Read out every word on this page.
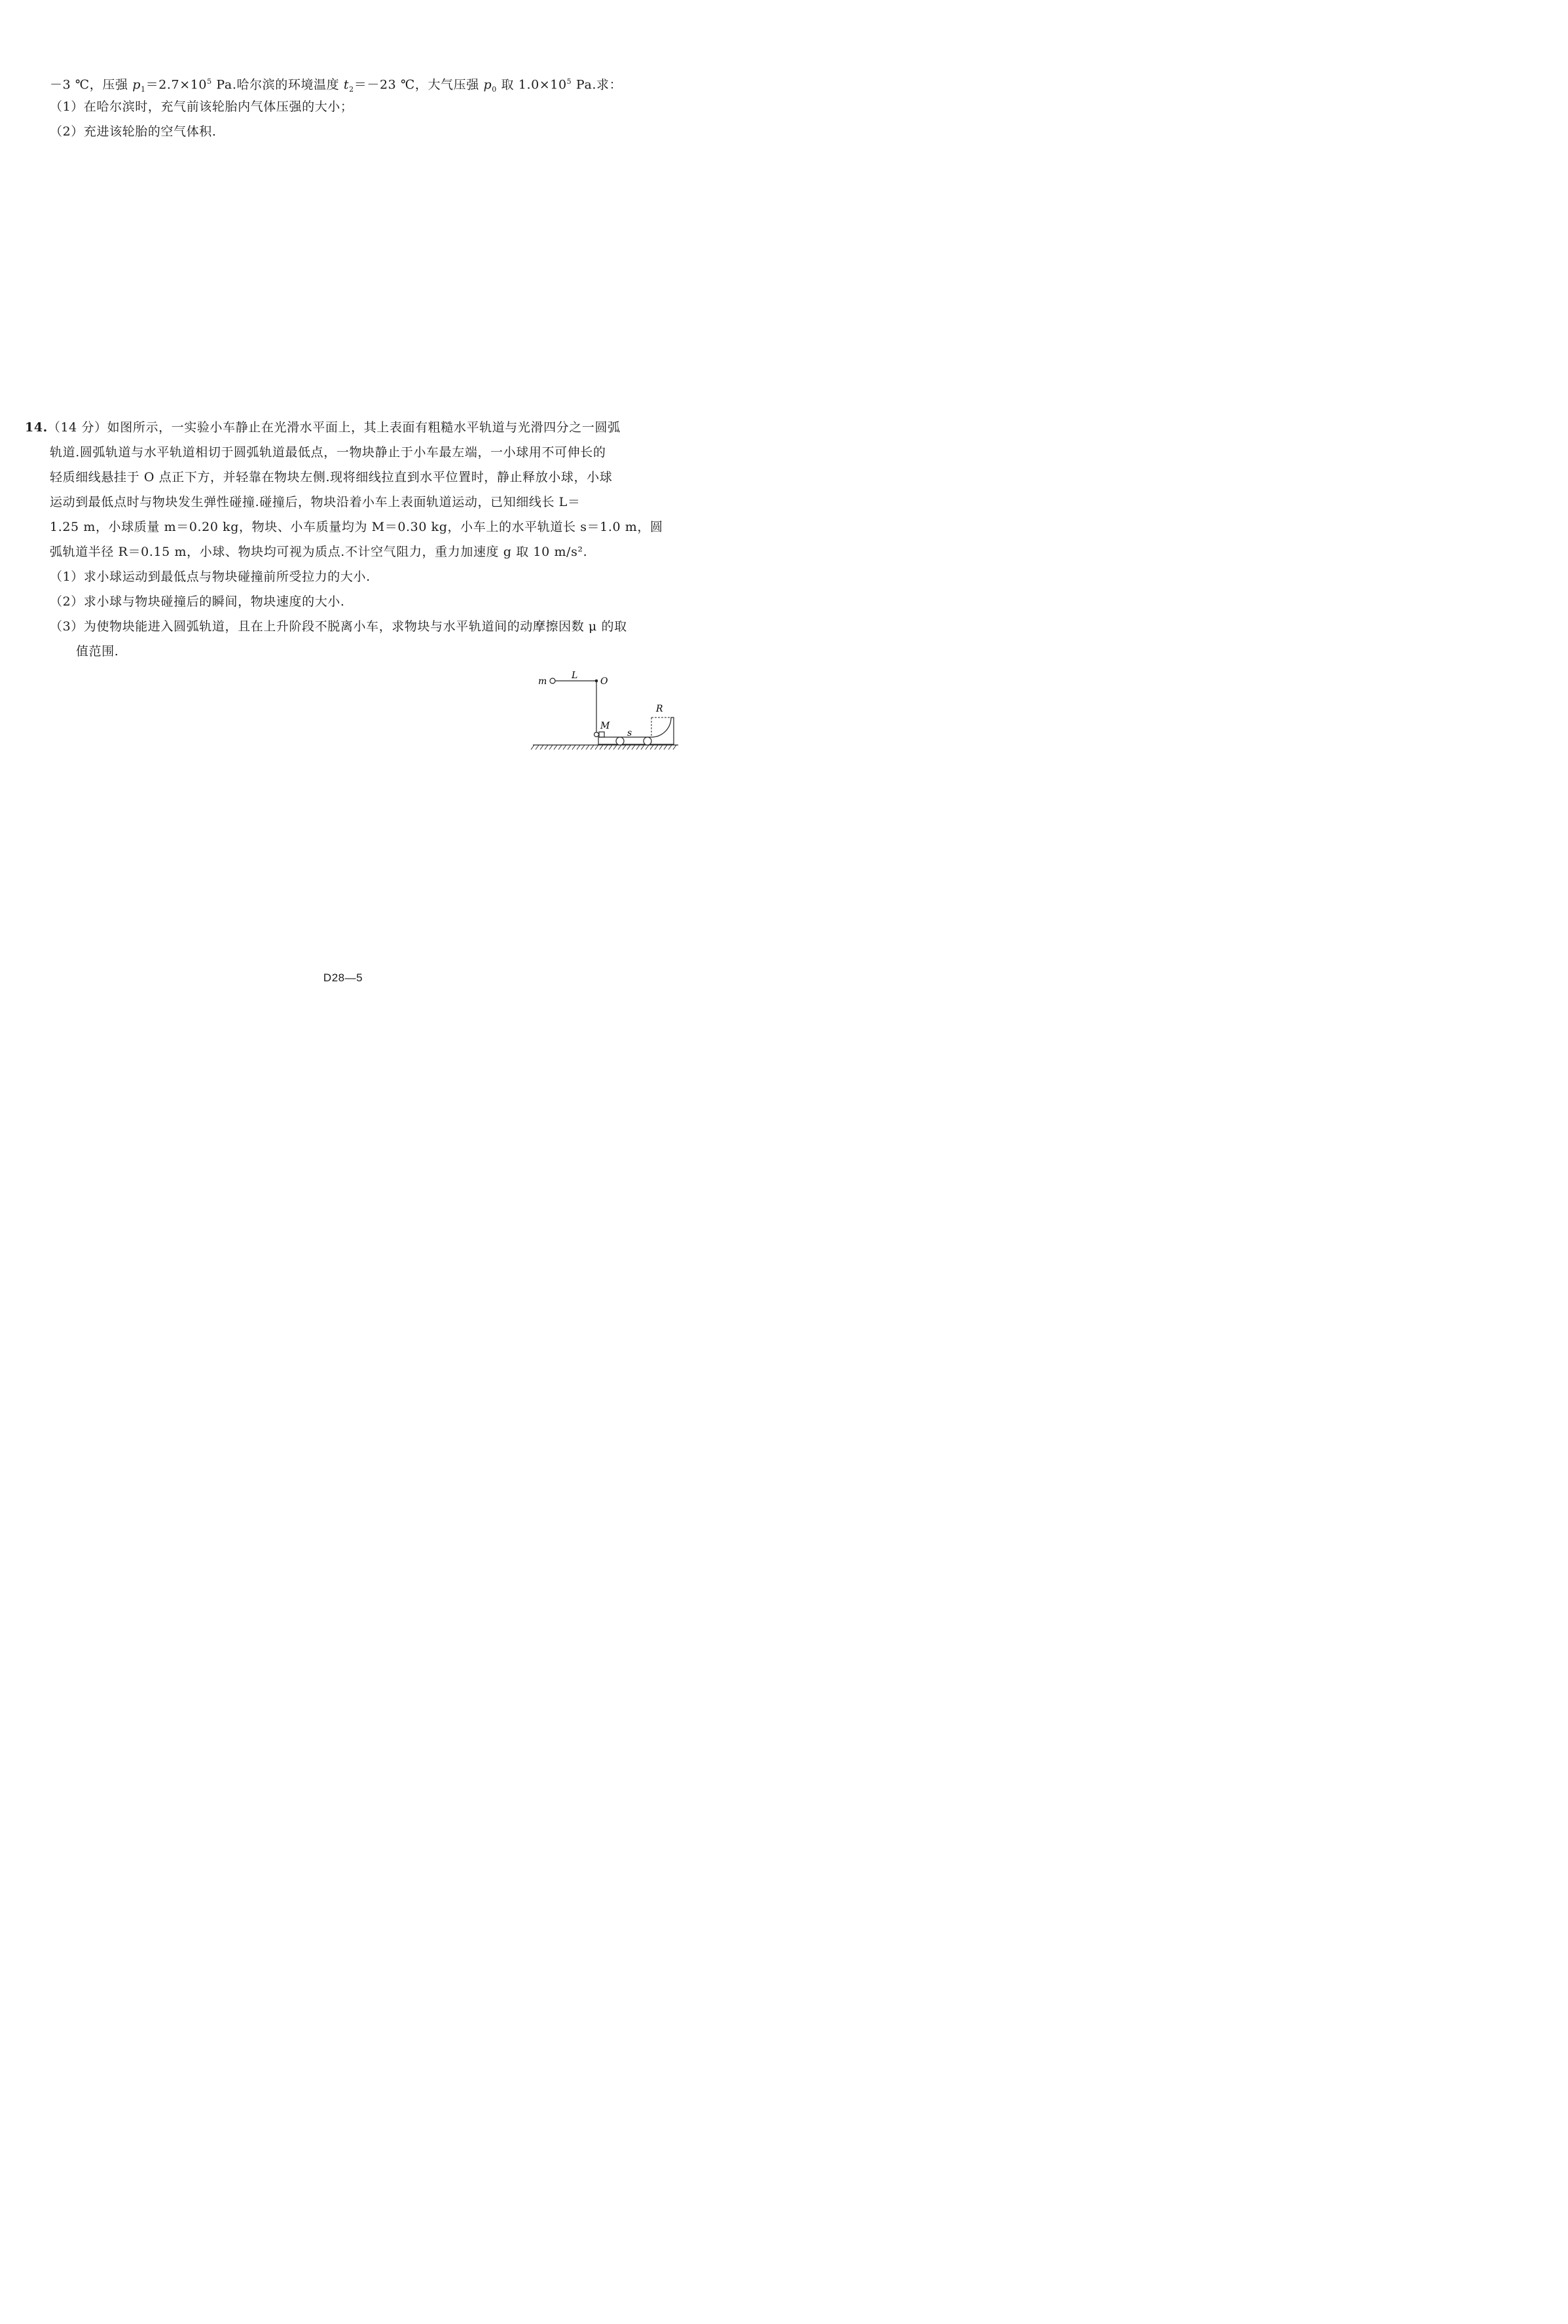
－3 ℃，压强 $p_1=2.7\times 10^5$ Pa.哈尔滨的环境温度 $t_2=-23$ ℃，大气压强 $p_0$ 取 $1.0\times 10^5$ Pa.求：
（1）在哈尔滨时，充气前该轮胎内气体压强的大小；
（2）充进该轮胎的空气体积.
14.（14 分）如图所示，一实验小车静止在光滑水平面上，其上表面有粗糙水平轨道与光滑四分之一圆弧
轨道.圆弧轨道与水平轨道相切于圆弧轨道最低点，一物块静止于小车最左端，一小球用不可伸长的
轻质细线悬挂于 O 点正下方，并轻靠在物块左侧.现将细线拉直到水平位置时，静止释放小球，小球
运动到最低点时与物块发生弹性碰撞.碰撞后，物块沿着小车上表面轨道运动，已知细线长 L＝
1.25 m，小球质量 m＝0.20 kg，物块、小车质量均为 M＝0.30 kg，小车上的水平轨道长 s＝1.0 m，圆
弧轨道半径 R＝0.15 m，小球、物块均可视为质点.不计空气阻力，重力加速度 g 取 10 m/s².
（1）求小球运动到最低点与物块碰撞前所受拉力的大小.
（2）求小球与物块碰撞后的瞬间，物块速度的大小.
（3）为使物块能进入圆弧轨道，且在上升阶段不脱离小车，求物块与水平轨道间的动摩擦因数 μ 的取
值范围.
m
L
O
M
s
R
D28—5
